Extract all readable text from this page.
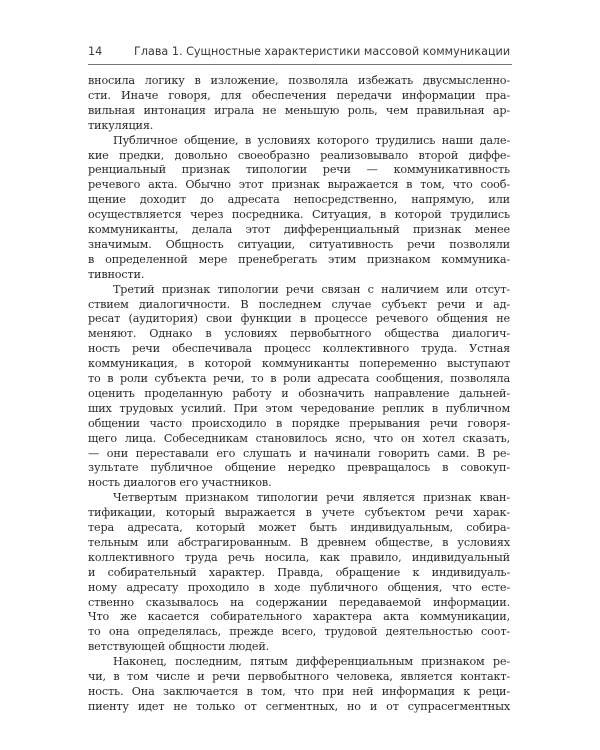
14	Глава 1. Сущностные характеристики массовой коммуникации
вносила логику в изложение, позволяла избежать двусмысленно-
сти. Иначе говоря, для обеспечения передачи информации пра-
вильная интонация играла не меньшую роль, чем правильная ар-
тикуляция.
Публичное общение, в условиях которого трудились наши дале-
кие предки, довольно своеобразно реализовывало второй диффе-
ренциальный признак типологии речи — коммуникативность
речевого акта. Обычно этот признак выражается в том, что сооб-
щение доходит до адресата непосредственно, напрямую, или
осуществляется через посредника. Ситуация, в которой трудились
коммуниканты, делала этот дифференциальный признак менее
значимым. Общность ситуации, ситуативность речи позволяли
в определенной мере пренебрегать этим признаком коммуника-
тивности.
Третий признак типологии речи связан с наличием или отсут-
ствием диалогичности. В последнем случае субъект речи и ад-
ресат (аудитория) свои функции в процессе речевого общения не
меняют. Однако в условиях первобытного общества диалогич-
ность речи обеспечивала процесс коллективного труда. Устная
коммуникация, в которой коммуниканты попеременно выступают
то в роли субъекта речи, то в роли адресата сообщения, позволяла
оценить проделанную работу и обозначить направление дальней-
ших трудовых усилий. При этом чередование реплик в публичном
общении часто происходило в порядке прерывания речи говоря-
щего лица. Собеседникам становилось ясно, что он хотел сказать,
— они переставали его слушать и начинали говорить сами. В ре-
зультате публичное общение нередко превращалось в совокуп-
ность диалогов его участников.
Четвертым признаком типологии речи является признак кван-
тификации, который выражается в учете субъектом речи харак-
тера адресата, который может быть индивидуальным, собира-
тельным или абстрагированным. В древнем обществе, в условиях
коллективного труда речь носила, как правило, индивидуальный
и собирательный характер. Правда, обращение к индивидуаль-
ному адресату проходило в ходе публичного общения, что есте-
ственно сказывалось на содержании передаваемой информации.
Что же касается собирательного характера акта коммуникации,
то она определялась, прежде всего, трудовой деятельностью соот-
ветствующей общности людей.
Наконец, последним, пятым дифференциальным признаком ре-
чи, в том числе и речи первобытного человека, является контакт-
ность. Она заключается в том, что при ней информация к реци-
пиенту идет не только от сегментных, но и от супрасегментных
